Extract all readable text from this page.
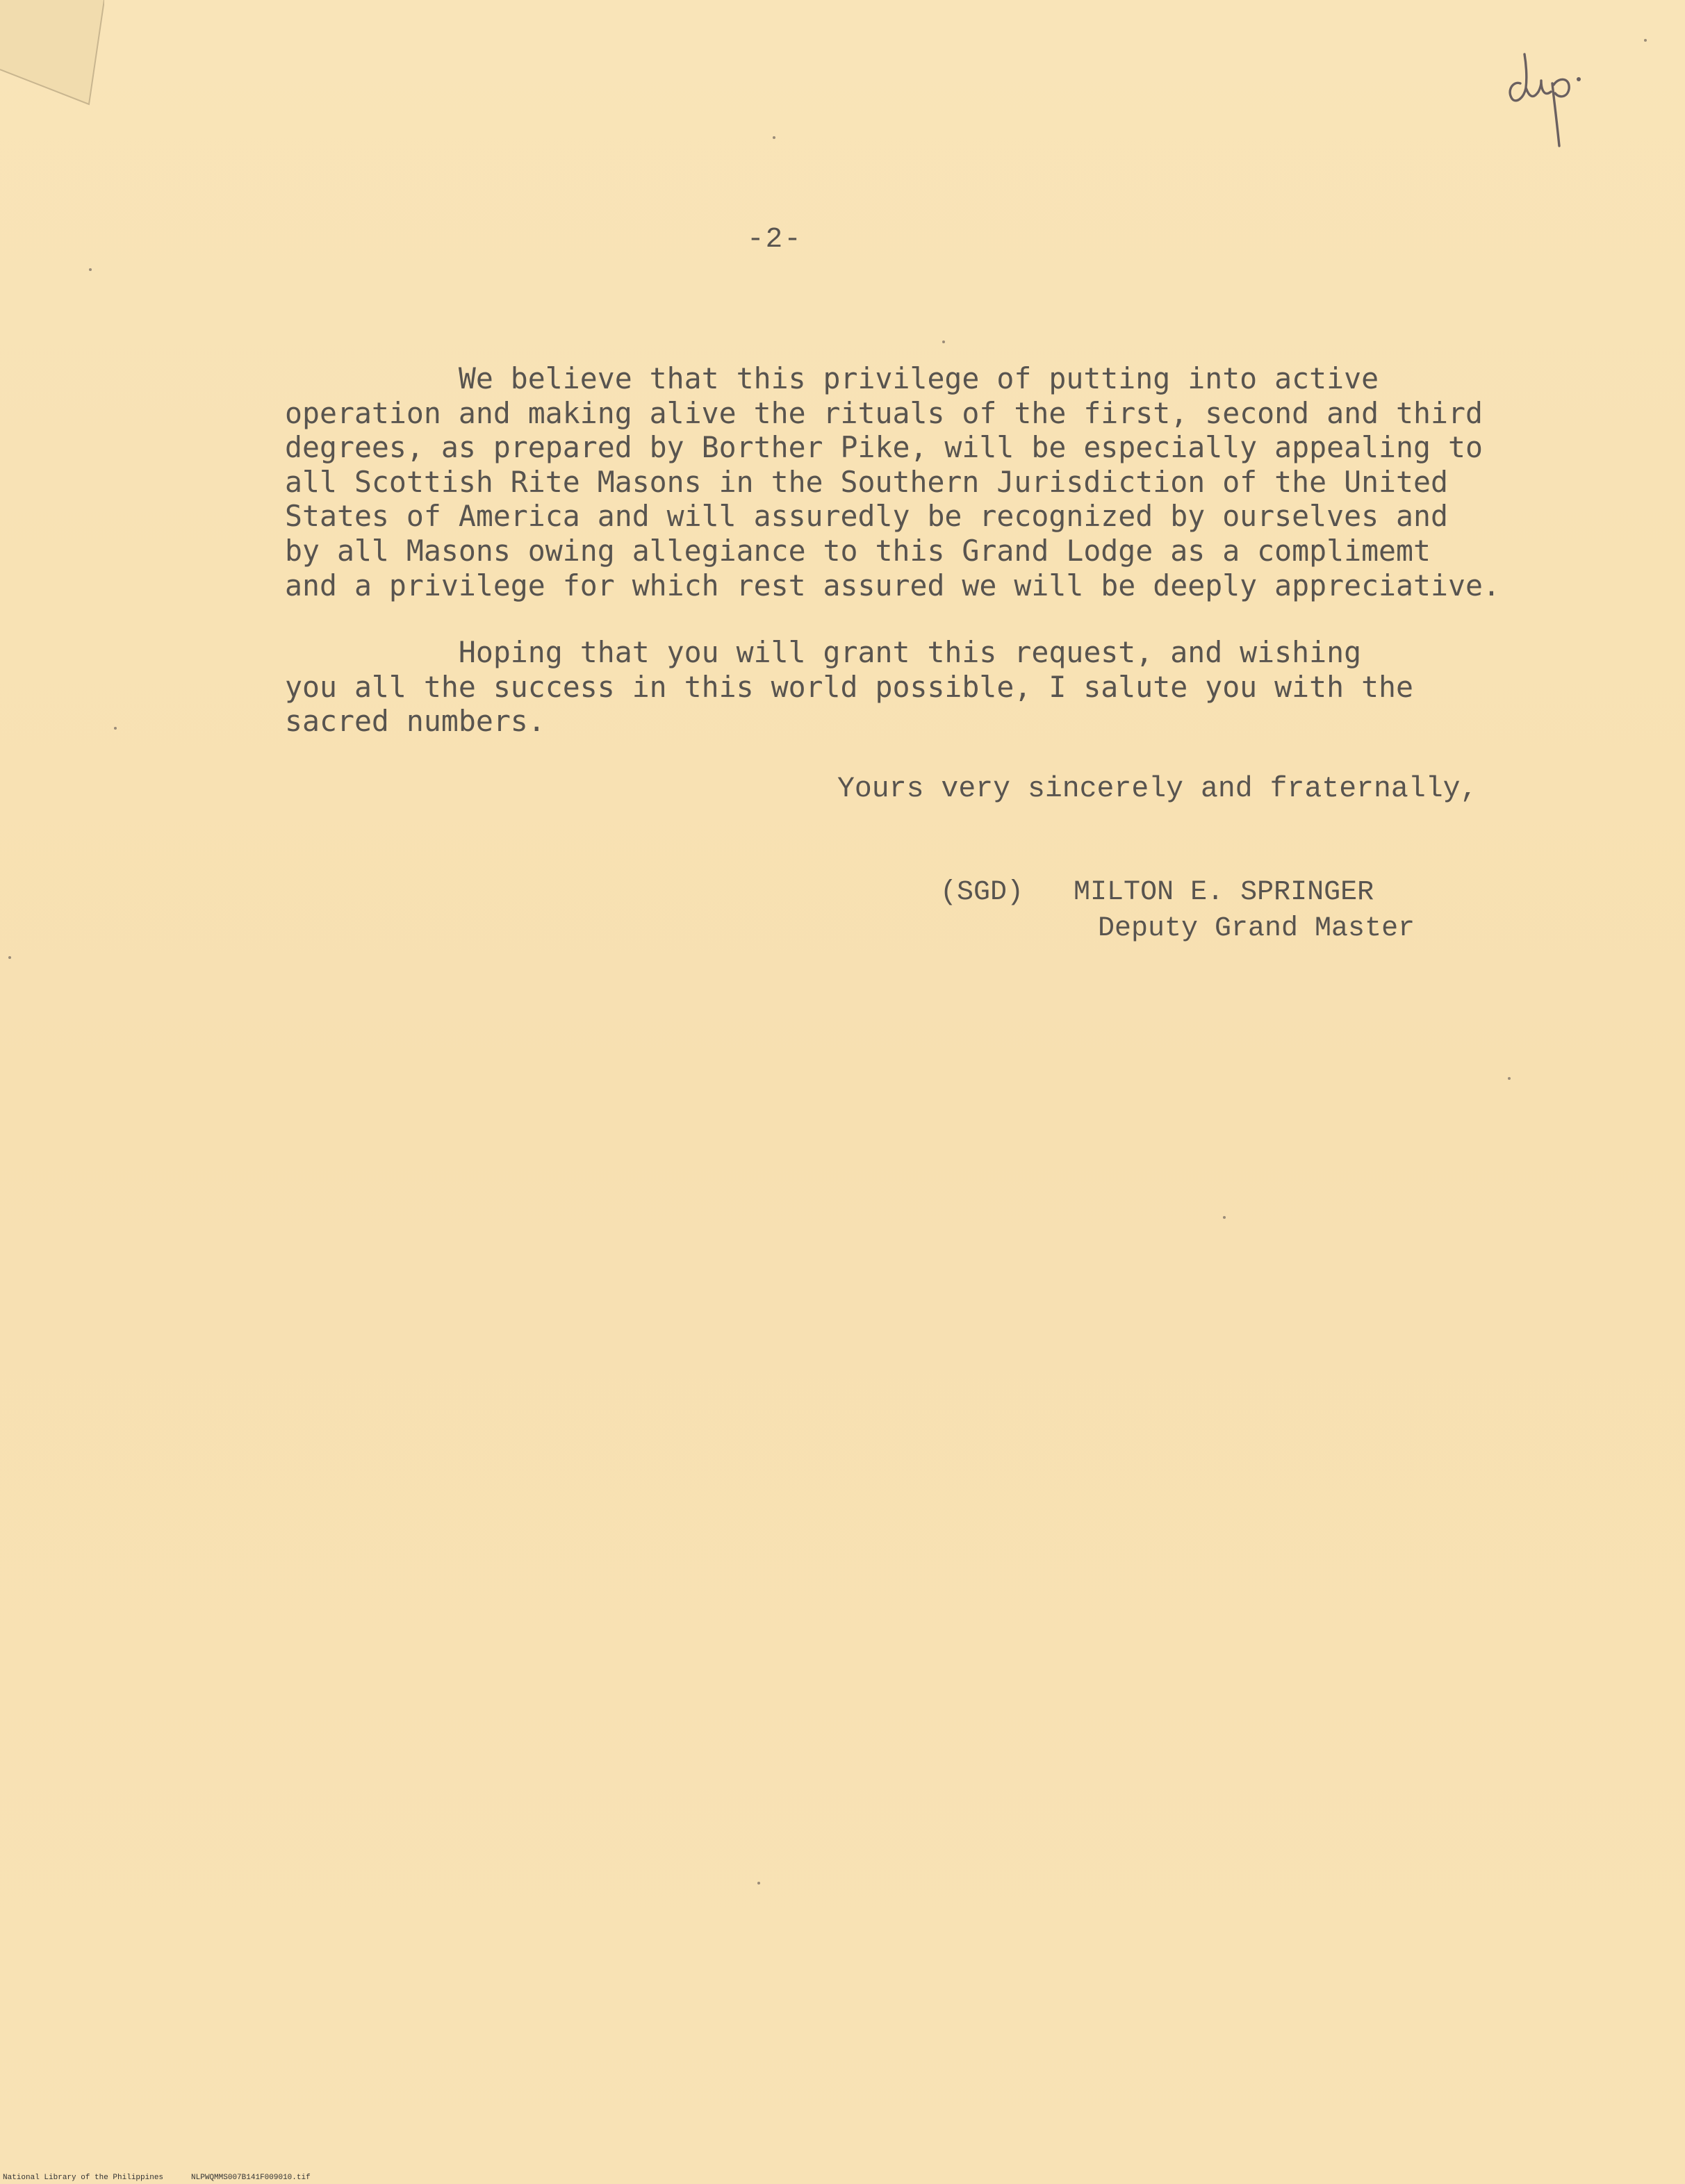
-2-
We believe that this privilege of putting into active
operation and making alive the rituals of the first, second and third
degrees, as prepared by Borther Pike, will be especially appealing to
all Scottish Rite Masons in the Southern Jurisdiction of the United
States of America and will assuredly be recognized by ourselves and
by all Masons owing allegiance to this Grand Lodge as a complimemt
and a privilege for which rest assured we will be deeply appreciative.
Hoping that you will grant this request, and wishing
you all the success in this world possible, I salute you with the
sacred numbers.
Yours very sincerely and fraternally,
(SGD) MILTON E. SPRINGER
Deputy Grand Master
National Library of the Philippines	NLPWQMMS007B141F009010.tif
